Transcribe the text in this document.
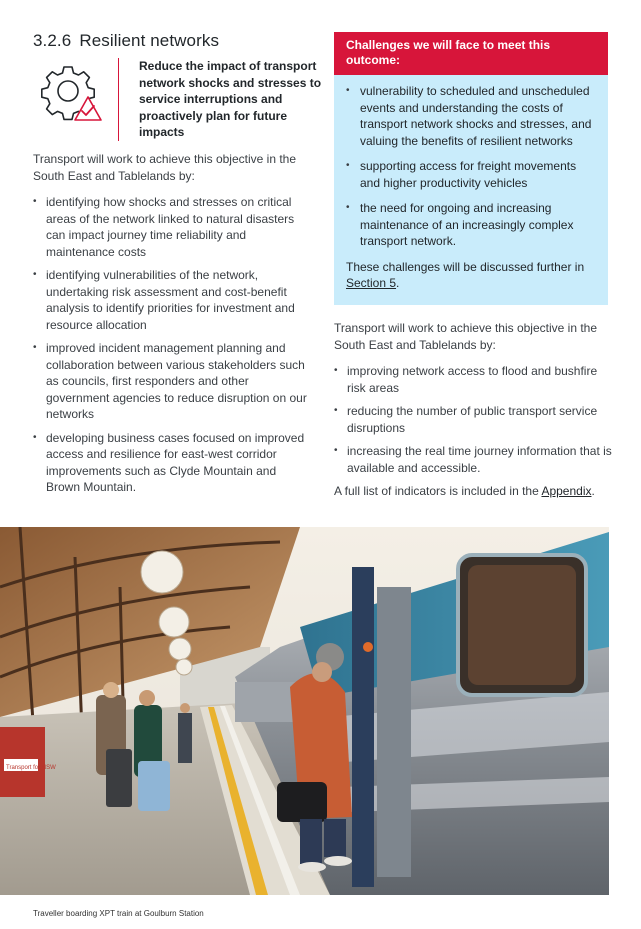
3.2.6 Resilient networks
Reduce the impact of transport network shocks and stresses to service interruptions and proactively plan for future impacts

Transport will work to achieve this objective in the South East and Tablelands by:

• identifying how shocks and stresses on critical areas of the network linked to natural disasters can impact journey time reliability and maintenance costs
• identifying vulnerabilities of the network, undertaking risk assessment and cost-benefit analysis to identify priorities for investment and resource allocation
• improved incident management planning and collaboration between various stakeholders such as councils, first responders and other government agencies to reduce disruption on our networks
• developing business cases focused on improved access and resilience for east-west corridor improvements such as Clyde Mountain and Brown Mountain.
Challenges we will face to meet this outcome:
• vulnerability to scheduled and unscheduled events and understanding the costs of transport network shocks and stresses, and valuing the benefits of resilient networks
• supporting access for freight movements and higher productivity vehicles
• the need for ongoing and increasing maintenance of an increasingly complex transport network.

These challenges will be discussed further in Section 5.

Transport will work to achieve this objective in the South East and Tablelands by:

• improving network access to flood and bushfire risk areas
• reducing the number of public transport service disruptions
• increasing the real time journey information that is available and accessible.

A full list of indicators is included in the Appendix.

Transport for NSW
Traveller boarding XPT train at Goulburn Station
